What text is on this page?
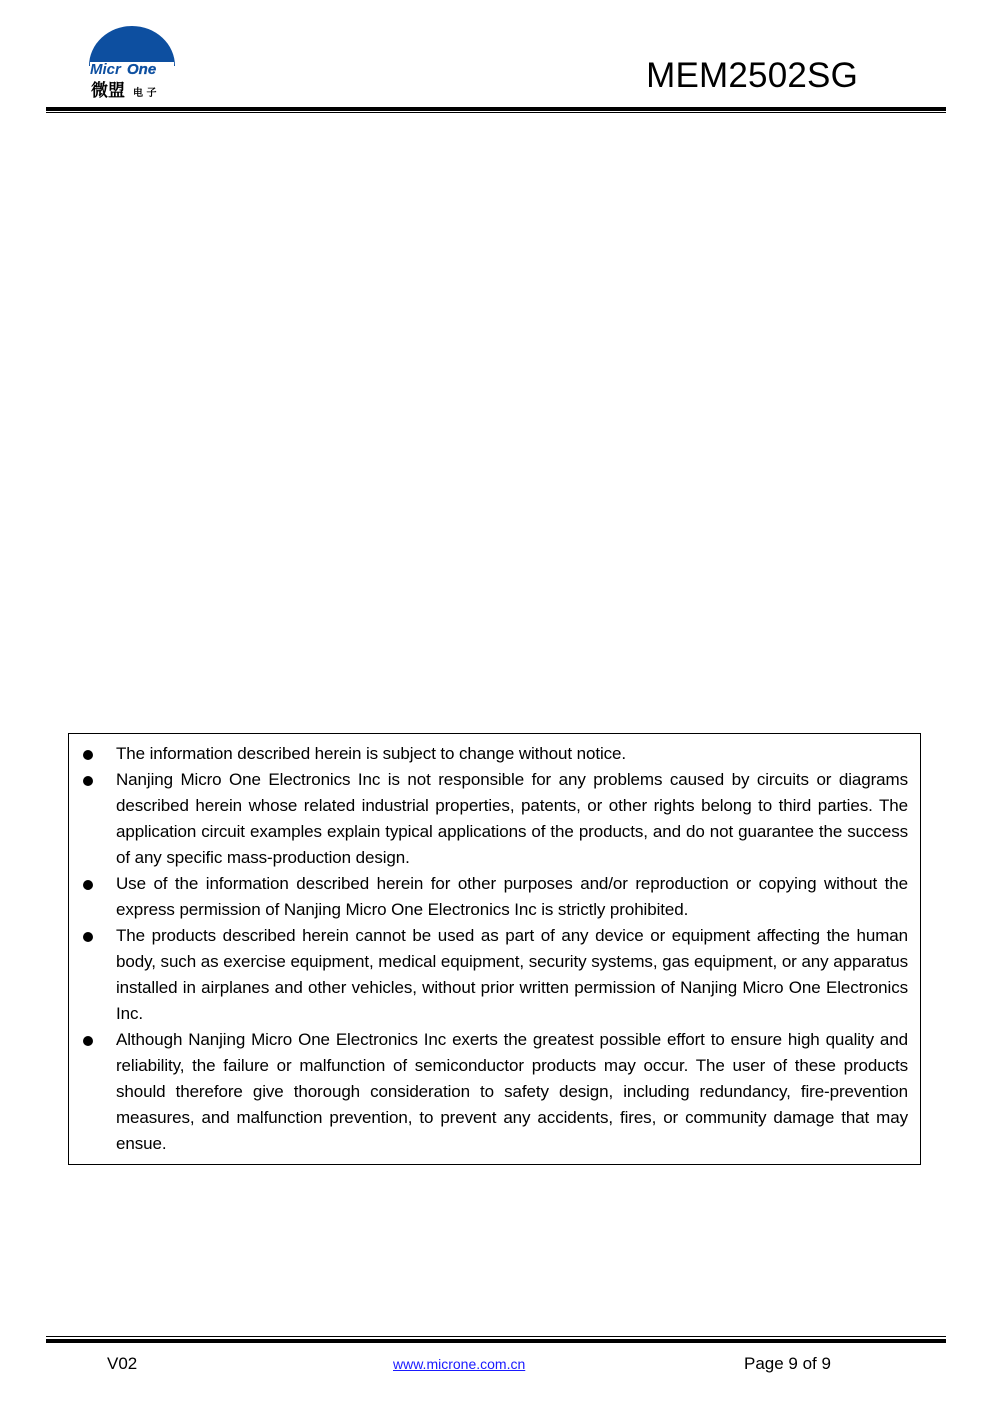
Micr One
微盟 电 子	MEM2502SG
The information described herein is subject to change without notice.
Nanjing Micro One Electronics Inc is not responsible for any problems caused by circuits or diagrams described herein whose related industrial properties, patents, or other rights belong to third parties. The application circuit examples explain typical applications of the products, and do not guarantee the success of any specific mass-production design.
Use of the information described herein for other purposes and/or reproduction or copying without the express permission of Nanjing Micro One Electronics Inc is strictly prohibited.
The products described herein cannot be used as part of any device or equipment affecting the human body, such as exercise equipment, medical equipment, security systems, gas equipment, or any apparatus installed in airplanes and other vehicles, without prior written permission of Nanjing Micro One Electronics Inc.
Although Nanjing Micro One Electronics Inc exerts the greatest possible effort to ensure high quality and reliability, the failure or malfunction of semiconductor products may occur. The user of these products should therefore give thorough consideration to safety design, including redundancy, fire-prevention measures, and malfunction prevention, to prevent any accidents, fires, or community damage that may ensue.
V02	www.microne.com.cn	Page 9 of 9
